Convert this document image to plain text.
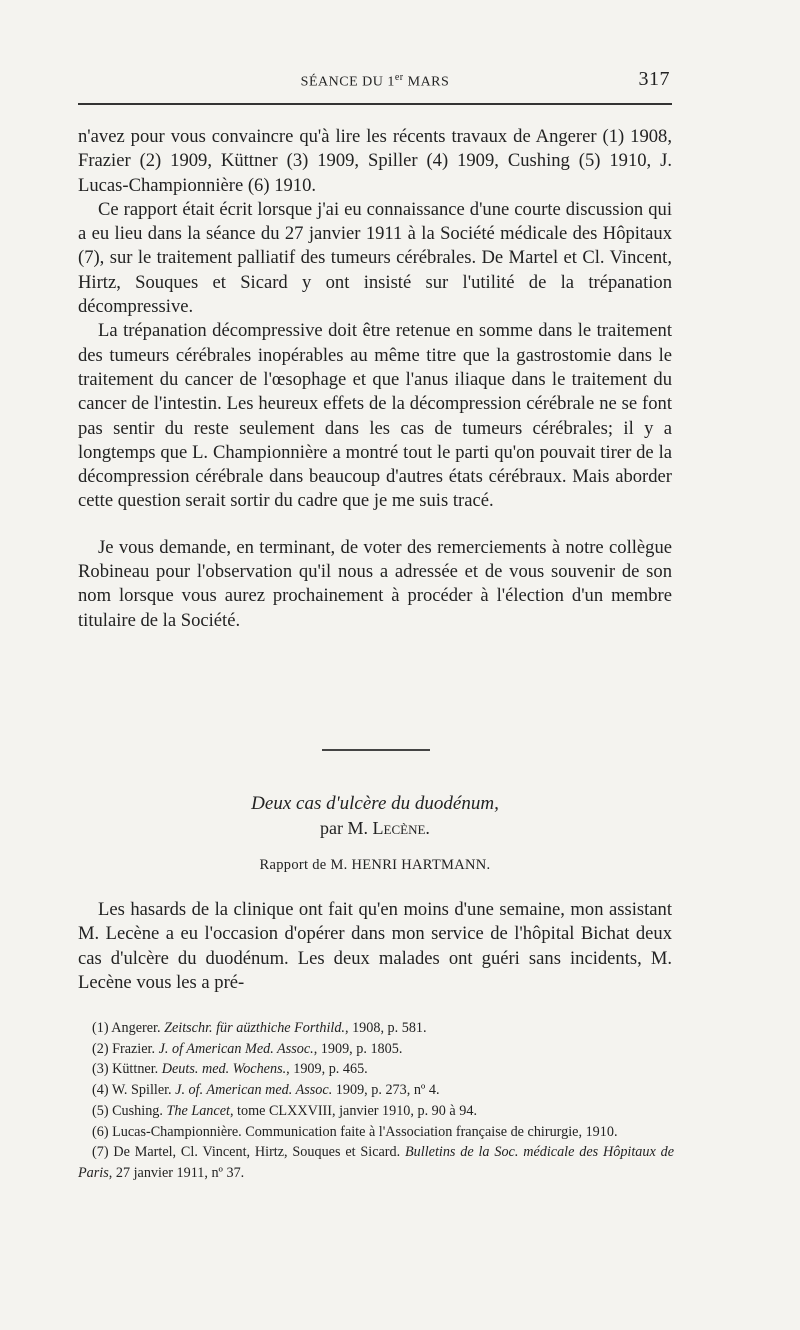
SÉANCE DU 1er MARS	317

n'avez pour vous convaincre qu'à lire les récents travaux de Angerer (1) 1908, Frazier (2) 1909, Küttner (3) 1909, Spiller (4) 1909, Cushing (5) 1910, J. Lucas-Championnière (6) 1910.

Ce rapport était écrit lorsque j'ai eu connaissance d'une courte discussion qui a eu lieu dans la séance du 27 janvier 1911 à la Société médicale des Hôpitaux (7), sur le traitement palliatif des tumeurs cérébrales. De Martel et Cl. Vincent, Hirtz, Souques et Sicard y ont insisté sur l'utilité de la trépanation décompressive.

La trépanation décompressive doit être retenue en somme dans le traitement des tumeurs cérébrales inopérables au même titre que la gastrostomie dans le traitement du cancer de l'œsophage et que l'anus iliaque dans le traitement du cancer de l'intestin. Les heureux effets de la décompression cérébrale ne se font pas sentir du reste seulement dans les cas de tumeurs cérébrales; il y a longtemps que L. Championnière a montré tout le parti qu'on pouvait tirer de la décompression cérébrale dans beaucoup d'autres états cérébraux. Mais aborder cette question serait sortir du cadre que je me suis tracé.

Je vous demande, en terminant, de voter des remerciements à notre collègue Robineau pour l'observation qu'il nous a adressée et de vous souvenir de son nom lorsque vous aurez prochainement à procéder à l'élection d'un membre titulaire de la Société.

Deux cas d'ulcère du duodénum,
par M. Lecène.
Rapport de M. HENRI HARTMANN.

Les hasards de la clinique ont fait qu'en moins d'une semaine, mon assistant M. Lecène a eu l'occasion d'opérer dans mon service de l'hôpital Bichat deux cas d'ulcère du duodénum. Les deux malades ont guéri sans incidents, M. Lecène vous les a pré-

(1) Angerer. Zeitschr. für aüzthiche Forthild., 1908, p. 581.
(2) Frazier. J. of American Med. Assoc., 1909, p. 1805.
(3) Küttner. Deuts. med. Wochens., 1909, p. 465.
(4) W. Spiller. J. of. American med. Assoc. 1909, p. 273, nº 4.
(5) Cushing. The Lancet, tome CLXXVIII, janvier 1910, p. 90 à 94.
(6) Lucas-Championnière. Communication faite à l'Association française de chirurgie, 1910.
(7) De Martel, Cl. Vincent, Hirtz, Souques et Sicard. Bulletins de la Soc. médicale des Hôpitaux de Paris, 27 janvier 1911, nº 37.
